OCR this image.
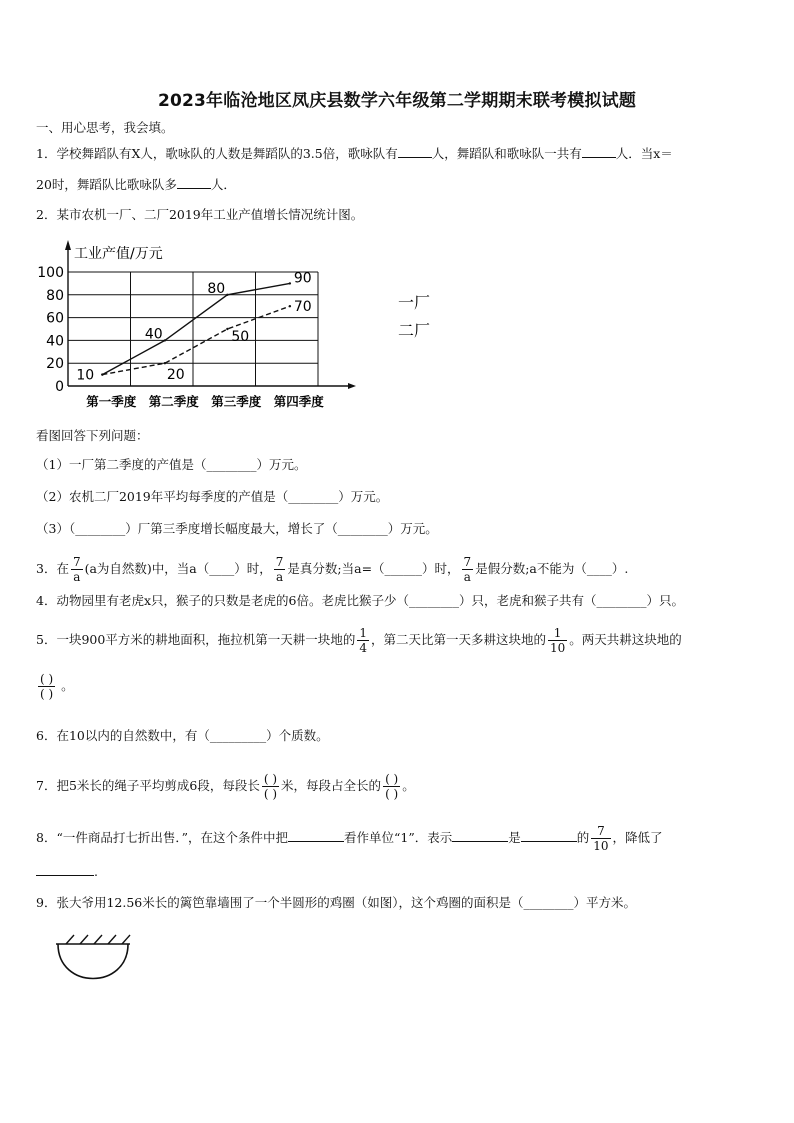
2023年临沧地区凤庆县数学六年级第二学期期末联考模拟试题
一、用心思考，我会填。
1．学校舞蹈队有X人，歌咏队的人数是舞蹈队的3.5倍，歌咏队有	人，舞蹈队和歌咏队一共有	人．当x＝
20时，舞蹈队比歌咏队多	人．
2．某市农机一厂、二厂2019年工业产值增长情况统计图。
工业产值/万元
0
20
40
60
80
100
第一季度 第二季度 第三季度 第四季度
10
40
80
90
20
50
70	一厂
二厂
看图回答下列问题：
（1）一厂第二季度的产值是（________）万元。
（2）农机二厂2019年平均每季度的产值是（________）万元。
（3）（________）厂第三季度增长幅度最大，增长了（________）万元。
3．在 $\frac{7}{a} (a$为自然数)中，当a（____）时， $\frac{7}{a}$ 是真分数;当a=（______）时， $\frac{7}{a}$ 是假分数;a不能为（____）.
4．动物园里有老虎x只，猴子的只数是老虎的6倍。老虎比猴子少（________）只，老虎和猴子共有（________）只。
5．一块900平方米的耕地面积，拖拉机第一天耕一块地的 $\frac{1}{4}$ ，第二天比第一天多耕这块地的 $\frac{1}{10}$ 。两天共耕这块地的
$\frac{( )}{( )}$ 。
6．在10以内的自然数中，有（_________）个质数。
7．把5米长的绳子平均剪成6段，每段长 $\frac{( )}{( )}$ 米，每段占全长的 $\frac{( )}{( )}$ 。
8．“一件商品打七折出售．”，在这个条件中把	看作单位“1”．表示	是	的 $\frac{7}{10}$ ，降低了
.
9．张大爷用12.56米长的篱笆靠墙围了一个半圆形的鸡圈（如图），这个鸡圈的面积是（________）平方米。
